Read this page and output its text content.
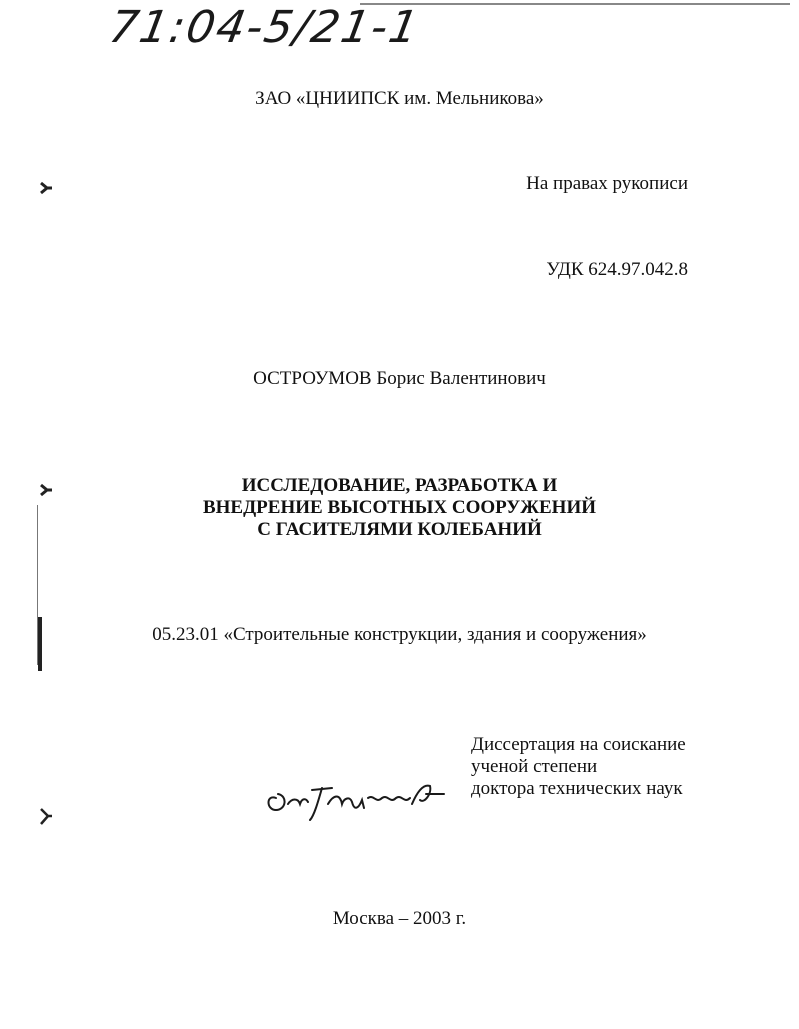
71:04-5/21-1
ЗАО «ЦНИИПСК им. Мельникова»
На правах рукописи
УДК 624.97.042.8
ОСТРОУМОВ Борис Валентинович
ИССЛЕДОВАНИЕ, РАЗРАБОТКА И
ВНЕДРЕНИЕ ВЫСОТНЫХ СООРУЖЕНИЙ
С ГАСИТЕЛЯМИ КОЛЕБАНИЙ
05.23.01 «Строительные конструкции, здания и сооружения»
Диссертация на соискание
ученой степени
доктора технических наук
Москва – 2003 г.
